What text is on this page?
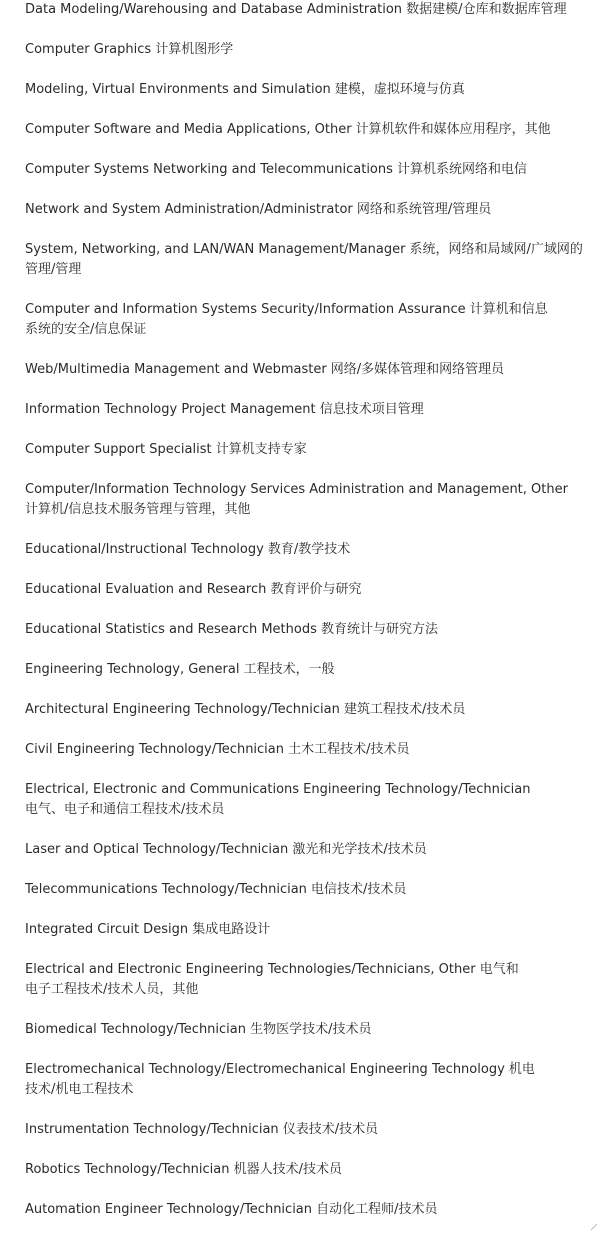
Data Modeling/Warehousing and Database Administration 数据建模/仓库和数据库管理
Computer Graphics 计算机图形学
Modeling, Virtual Environments and Simulation 建模，虚拟环境与仿真
Computer Software and Media Applications, Other 计算机软件和媒体应用程序，其他
Computer Systems Networking and Telecommunications 计算机系统网络和电信
Network and System Administration/Administrator 网络和系统管理/管理员
System, Networking, and LAN/WAN Management/Manager 系统，网络和局域网/广域网的
管理/管理
Computer and Information Systems Security/Information Assurance 计算机和信息
系统的安全/信息保证
Web/Multimedia Management and Webmaster 网络/多媒体管理和网络管理员
Information Technology Project Management 信息技术项目管理
Computer Support Specialist 计算机支持专家
Computer/Information Technology Services Administration and Management, Other
计算机/信息技术服务管理与管理，其他
Educational/Instructional Technology 教育/教学技术
Educational Evaluation and Research 教育评价与研究
Educational Statistics and Research Methods 教育统计与研究方法
Engineering Technology, General 工程技术，一般
Architectural Engineering Technology/Technician 建筑工程技术/技术员
Civil Engineering Technology/Technician 土木工程技术/技术员
Electrical, Electronic and Communications Engineering Technology/Technician
电气、电子和通信工程技术/技术员
Laser and Optical Technology/Technician 激光和光学技术/技术员
Telecommunications Technology/Technician 电信技术/技术员
Integrated Circuit Design 集成电路设计
Electrical and Electronic Engineering Technologies/Technicians, Other 电气和
电子工程技术/技术人员，其他
Biomedical Technology/Technician 生物医学技术/技术员
Electromechanical Technology/Electromechanical Engineering Technology 机电
技术/机电工程技术
Instrumentation Technology/Technician 仪表技术/技术员
Robotics Technology/Technician 机器人技术/技术员
Automation Engineer Technology/Technician 自动化工程师/技术员
